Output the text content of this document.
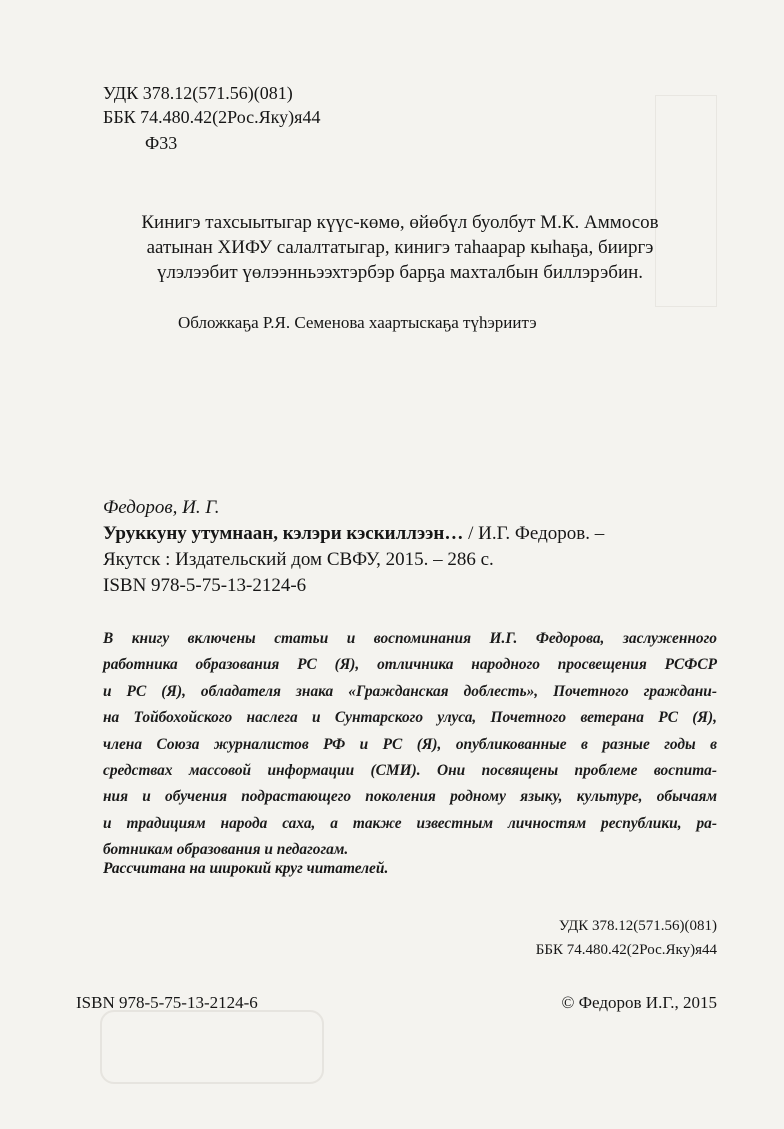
УДК 378.12(571.56)(081)
ББК 74.480.42(2Рос.Яку)я44
Ф33
Кинигэ тахсыытыгар күүс-көмө, өйөбүл буолбут М.К. Аммосов
аатынан ХИФУ салалтатыгар, кинигэ таһаарар кыһаҕа, бииргэ
үлэлээбит үөлээнньээхтэрбэр барҕа махталбын биллэрэбин.
Обложкаҕа Р.Я. Семенова хаартыскаҕа түһэриитэ
Федоров, И. Г.
Уруккуну утумнаан, кэлэри кэскиллээн… / И.Г. Федоров. –
Якутск : Издательский дом СВФУ, 2015. – 286 с.
ISBN 978-5-75-13-2124-6
В книгу включены статьи и воспоминания И.Г. Федорова, заслуженного
работника образования РС (Я), отличника народного просвещения РСФСР
и РС (Я), обладателя знака «Гражданская доблесть», Почетного граждани-
на Тойбохойского наслега и Сунтарского улуса, Почетного ветерана РС (Я),
члена Союза журналистов РФ и РС (Я), опубликованные в разные годы в
средствах массовой информации (СМИ). Они посвящены проблеме воспита-
ния и обучения подрастающего поколения родному языку, культуре, обычаям
и традициям народа саха, а также известным личностям республики, ра-
ботникам образования и педагогам.
Рассчитана на широкий круг читателей.
УДК 378.12(571.56)(081)
ББК 74.480.42(2Рос.Яку)я44
ISBN 978-5-75-13-2124-6	© Федоров И.Г., 2015
